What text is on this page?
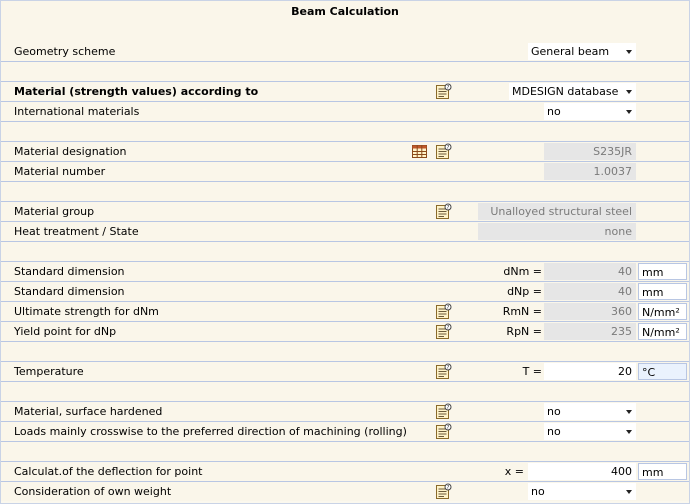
Beam Calculation
Geometry scheme	General beam
Material (strength values) according to	MDESIGN database
International materials	no
Material designation	S235JR
Material number	1.0037
Material group	Unalloyed structural steel
Heat treatment / State	none
Standard dimension	dNm =	40 mm
Standard dimension	dNp =	40 mm
Ultimate strength for dNm	RmN =	360 N/mm²
Yield point for dNp	RpN =	235 N/mm²
Temperature	T =	20 °C
Material, surface hardened	no
Loads mainly crosswise to the preferred direction of machining (rolling)	no
Calculat.of the deflection for point	x =	400 mm
Consideration of own weight	no
